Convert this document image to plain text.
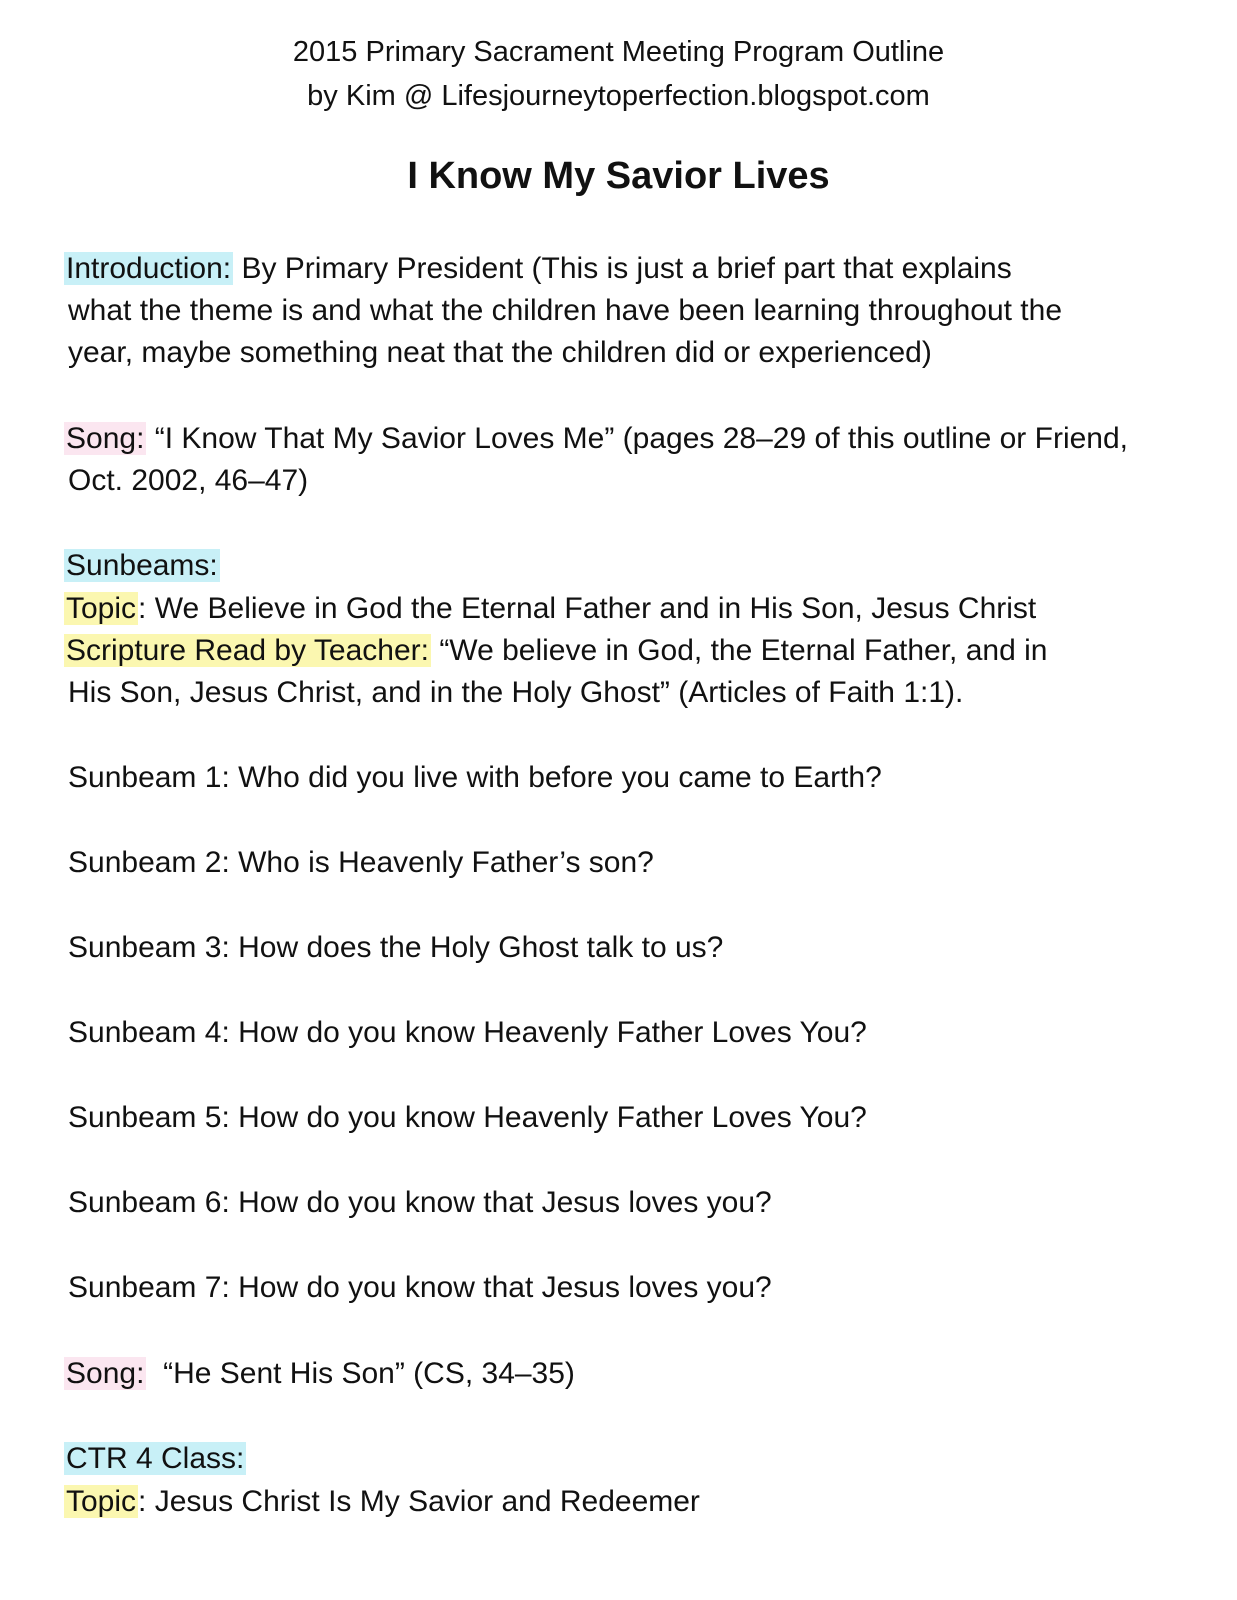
2015 Primary Sacrament Meeting Program Outline
by Kim @ Lifesjourneytoperfection.blogspot.com
I Know My Savior Lives
Introduction: By Primary President (This is just a brief part that explains
what the theme is and what the children have been learning throughout the
year, maybe something neat that the children did or experienced)
Song: “I Know That My Savior Loves Me” (pages 28–29 of this outline or Friend,
Oct. 2002, 46–47)
Sunbeams:
Topic: We Believe in God the Eternal Father and in His Son, Jesus Christ
Scripture Read by Teacher: “We believe in God, the Eternal Father, and in
His Son, Jesus Christ, and in the Holy Ghost” (Articles of Faith 1:1).
Sunbeam 1: Who did you live with before you came to Earth?
Sunbeam 2: Who is Heavenly Father’s son?
Sunbeam 3: How does the Holy Ghost talk to us?
Sunbeam 4: How do you know Heavenly Father Loves You?
Sunbeam 5: How do you know Heavenly Father Loves You?
Sunbeam 6: How do you know that Jesus loves you?
Sunbeam 7: How do you know that Jesus loves you?
Song:  “He Sent His Son” (CS, 34–35)
CTR 4 Class:
Topic: Jesus Christ Is My Savior and Redeemer
